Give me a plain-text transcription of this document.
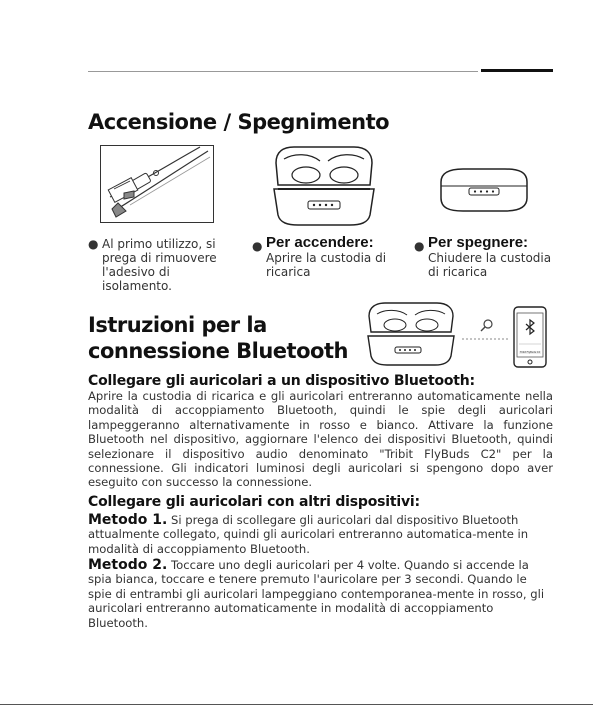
Accensione / Spegnimento
● Al primo utilizzo, si prega di rimuovere l'adesivo di isolamento.
● Per accendere:
Aprire la custodia di ricarica
● Per spegnere:
Chiudere la custodia di ricarica
Istruzioni per la connessione Bluetooth	Tribit FlyBuds C2
Collegare gli auricolari a un dispositivo Bluetooth:
Aprire la custodia di ricarica e gli auricolari entreranno automaticamente nella modalità di accoppiamento Bluetooth, quindi le spie degli auricolari lampeggeranno alternativamente in rosso e bianco. Attivare la funzione Bluetooth nel dispositivo, aggiornare l'elenco dei dispositivi Bluetooth, quindi selezionare il dispositivo audio denominato "Tribit FlyBuds C2" per la connessione. Gli indicatori luminosi degli auricolari si spengono dopo aver eseguito con successo la connessione.
Collegare gli auricolari con altri dispositivi:
Metodo 1. Si prega di scollegare gli auricolari dal dispositivo Bluetooth attualmente collegato, quindi gli auricolari entreranno automatica-mente in modalità di accoppiamento Bluetooth.
Metodo 2. Toccare uno degli auricolari per 4 volte. Quando si accende la spia bianca, toccare e tenere premuto l'auricolare per 3 secondi. Quando le spie di entrambi gli auricolari lampeggiano contemporanea-mente in rosso, gli auricolari entreranno automaticamente in modalità di accoppiamento Bluetooth.
